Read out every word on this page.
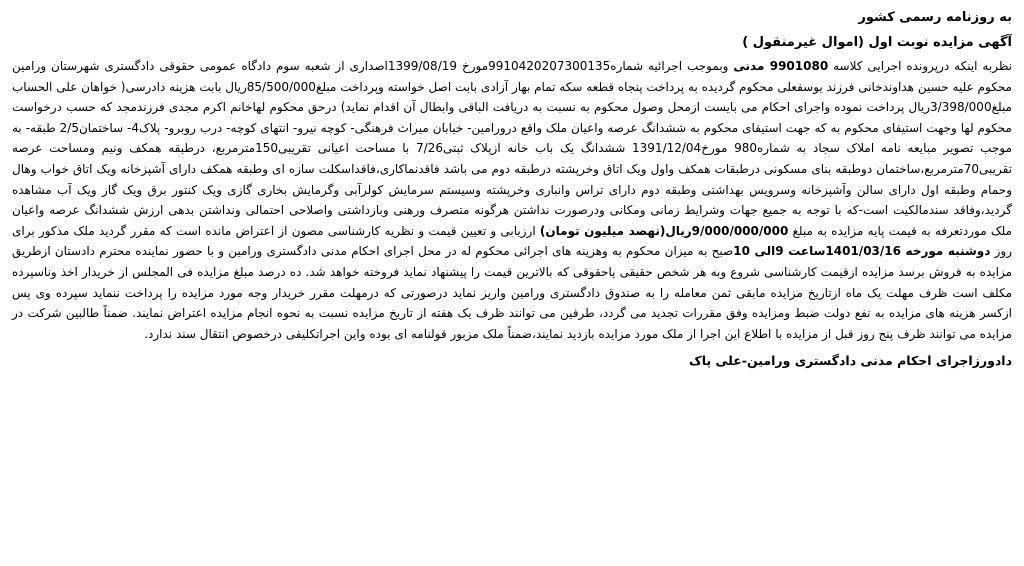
به روزنامه رسمی کشور
آگهی مزایده نوبت اول (اموال غیرمنقول )
نظربه اینکه درپرونده اجرایی کلاسه 9901080 مدنی وبموجب اجرائیه شماره9910420207300135مورخ 1399/08/19اصداری از شعبه سوم دادگاه عمومی حقوقی دادگستری شهرستان ورامین محکوم علیه حسین هداوندخانی فرزند یوسفعلی محکوم گردیده به پرداخت پنجاه قطعه سکه تمام بهار آزادی بابت اصل خواسته وپرداخت مبلغ85/500/000ریال بابت هزینه دادرسی( خواهان علی الحساب مبلغ3/398/000ریال پرداخت نموده واجرای احکام می بایست ازمحل وصول محکوم به نسبت به دریافت الباقی وابطال آن اقدام نماید) درحق محکوم لهاخانم اکرم مجدی فرزندمجد که حسب درخواست محکوم لها وجهت استیفای محکوم به که جهت استیفای محکوم به ششدانگ عرصه واعیان ملک واقع درورامین- خیابان میراث فرهنگی- کوچه نیرو- انتهای کوچه- درب روبرو- پلاک4- ساختمان2/5 طبقه- به موجب تصویر مبایعه نامه املاک سجاد به شماره980 مورخ1391/12/04 ششدانگ یک باب خانه ازپلاک ثبتی7/26 با مساحت اعیانی تقریبی150مترمربع، درطبقه همکف ونیم ومساحت عرصه تقریبی70مترمربع،ساختمان دوطبقه بنای مسکونی درطبقات همکف واول ویک اتاق وخرپشته درطبقه دوم می باشد فاقدنماکاری،فاقداسکلت سازه ای وطبقه همکف دارای آشپزخانه ویک اتاق خواب وهال وحمام وطبقه اول دارای سالن وآشپزخانه وسرویس بهداشتی وطبقه دوم دارای تراس وانباری وخرپشته وسیستم سرمایش کولرآبی وگرمایش بخاری گازی ویک کنتور برق ویک گاز ویک آب مشاهده گردید،وفاقد سندمالکیت است-که با توجه به جمیع جهات وشرایط زمانی ومکانی ودرصورت نداشتن هرگونه متصرف ورهنی وبازداشتی واصلاحی احتمالی ونداشتن بدهی ارزش ششدانگ عرصه واعیان ملک موردتعرفه به قیمت پایه مزایده به مبلغ 9/000/000/000ریال(نهصد میلیون تومان) ارزیابی و تعیین قیمت و نظریه کارشناسی مصون از اعتراض مانده است که مقرر گردید ملک مذکور برای روز دوشنبه مورخه 1401/03/16ساعت 9الی 10صبح به میزان محکوم به وهزینه های اجرائی محکوم له در محل اجرای احکام مدنی دادگستری ورامین و با حضور نماینده محترم دادستان ازطریق مزایده به فروش برسد مزایده ازقیمت کارشناسی شروع وبه هر شخص حقیقی یاحقوقی که بالاترین قیمت را پیشنهاد نماید فروخته خواهد شد. ده درصد مبلغ مزایده فی المجلس از خریدار اخذ وناسپرده مکلف است ظرف مهلت یک ماه ازتاریخ مزایده مابقی ثمن معامله را به صندوق دادگستری ورامین واریز نماید درصورتی که درمهلت مقرر خریدار وجه مورد مزایده را پرداخت ننماید سپرده وی پس ازکسر هزینه های مزایده به نفع دولت ضبط ومزایده وفق مقررات تجدید می گردد، طرفین می توانند ظرف یک هفته از تاریخ مزایده نسبت به نحوه انجام مزایده اعتراض نمایند. ضمناً طالبین شرکت در مزایده می توانند ظرف پنج روز قبل از مزایده با اطلاع این اجرا از ملک مورد مزایده بازدید نمایند،ضمناً ملک مزبور قولنامه ای بوده واین اجراتکلیفی درخصوص انتقال سند ندارد.
دادورزاجرای احکام مدنی دادگستری ورامین-علی پاک
